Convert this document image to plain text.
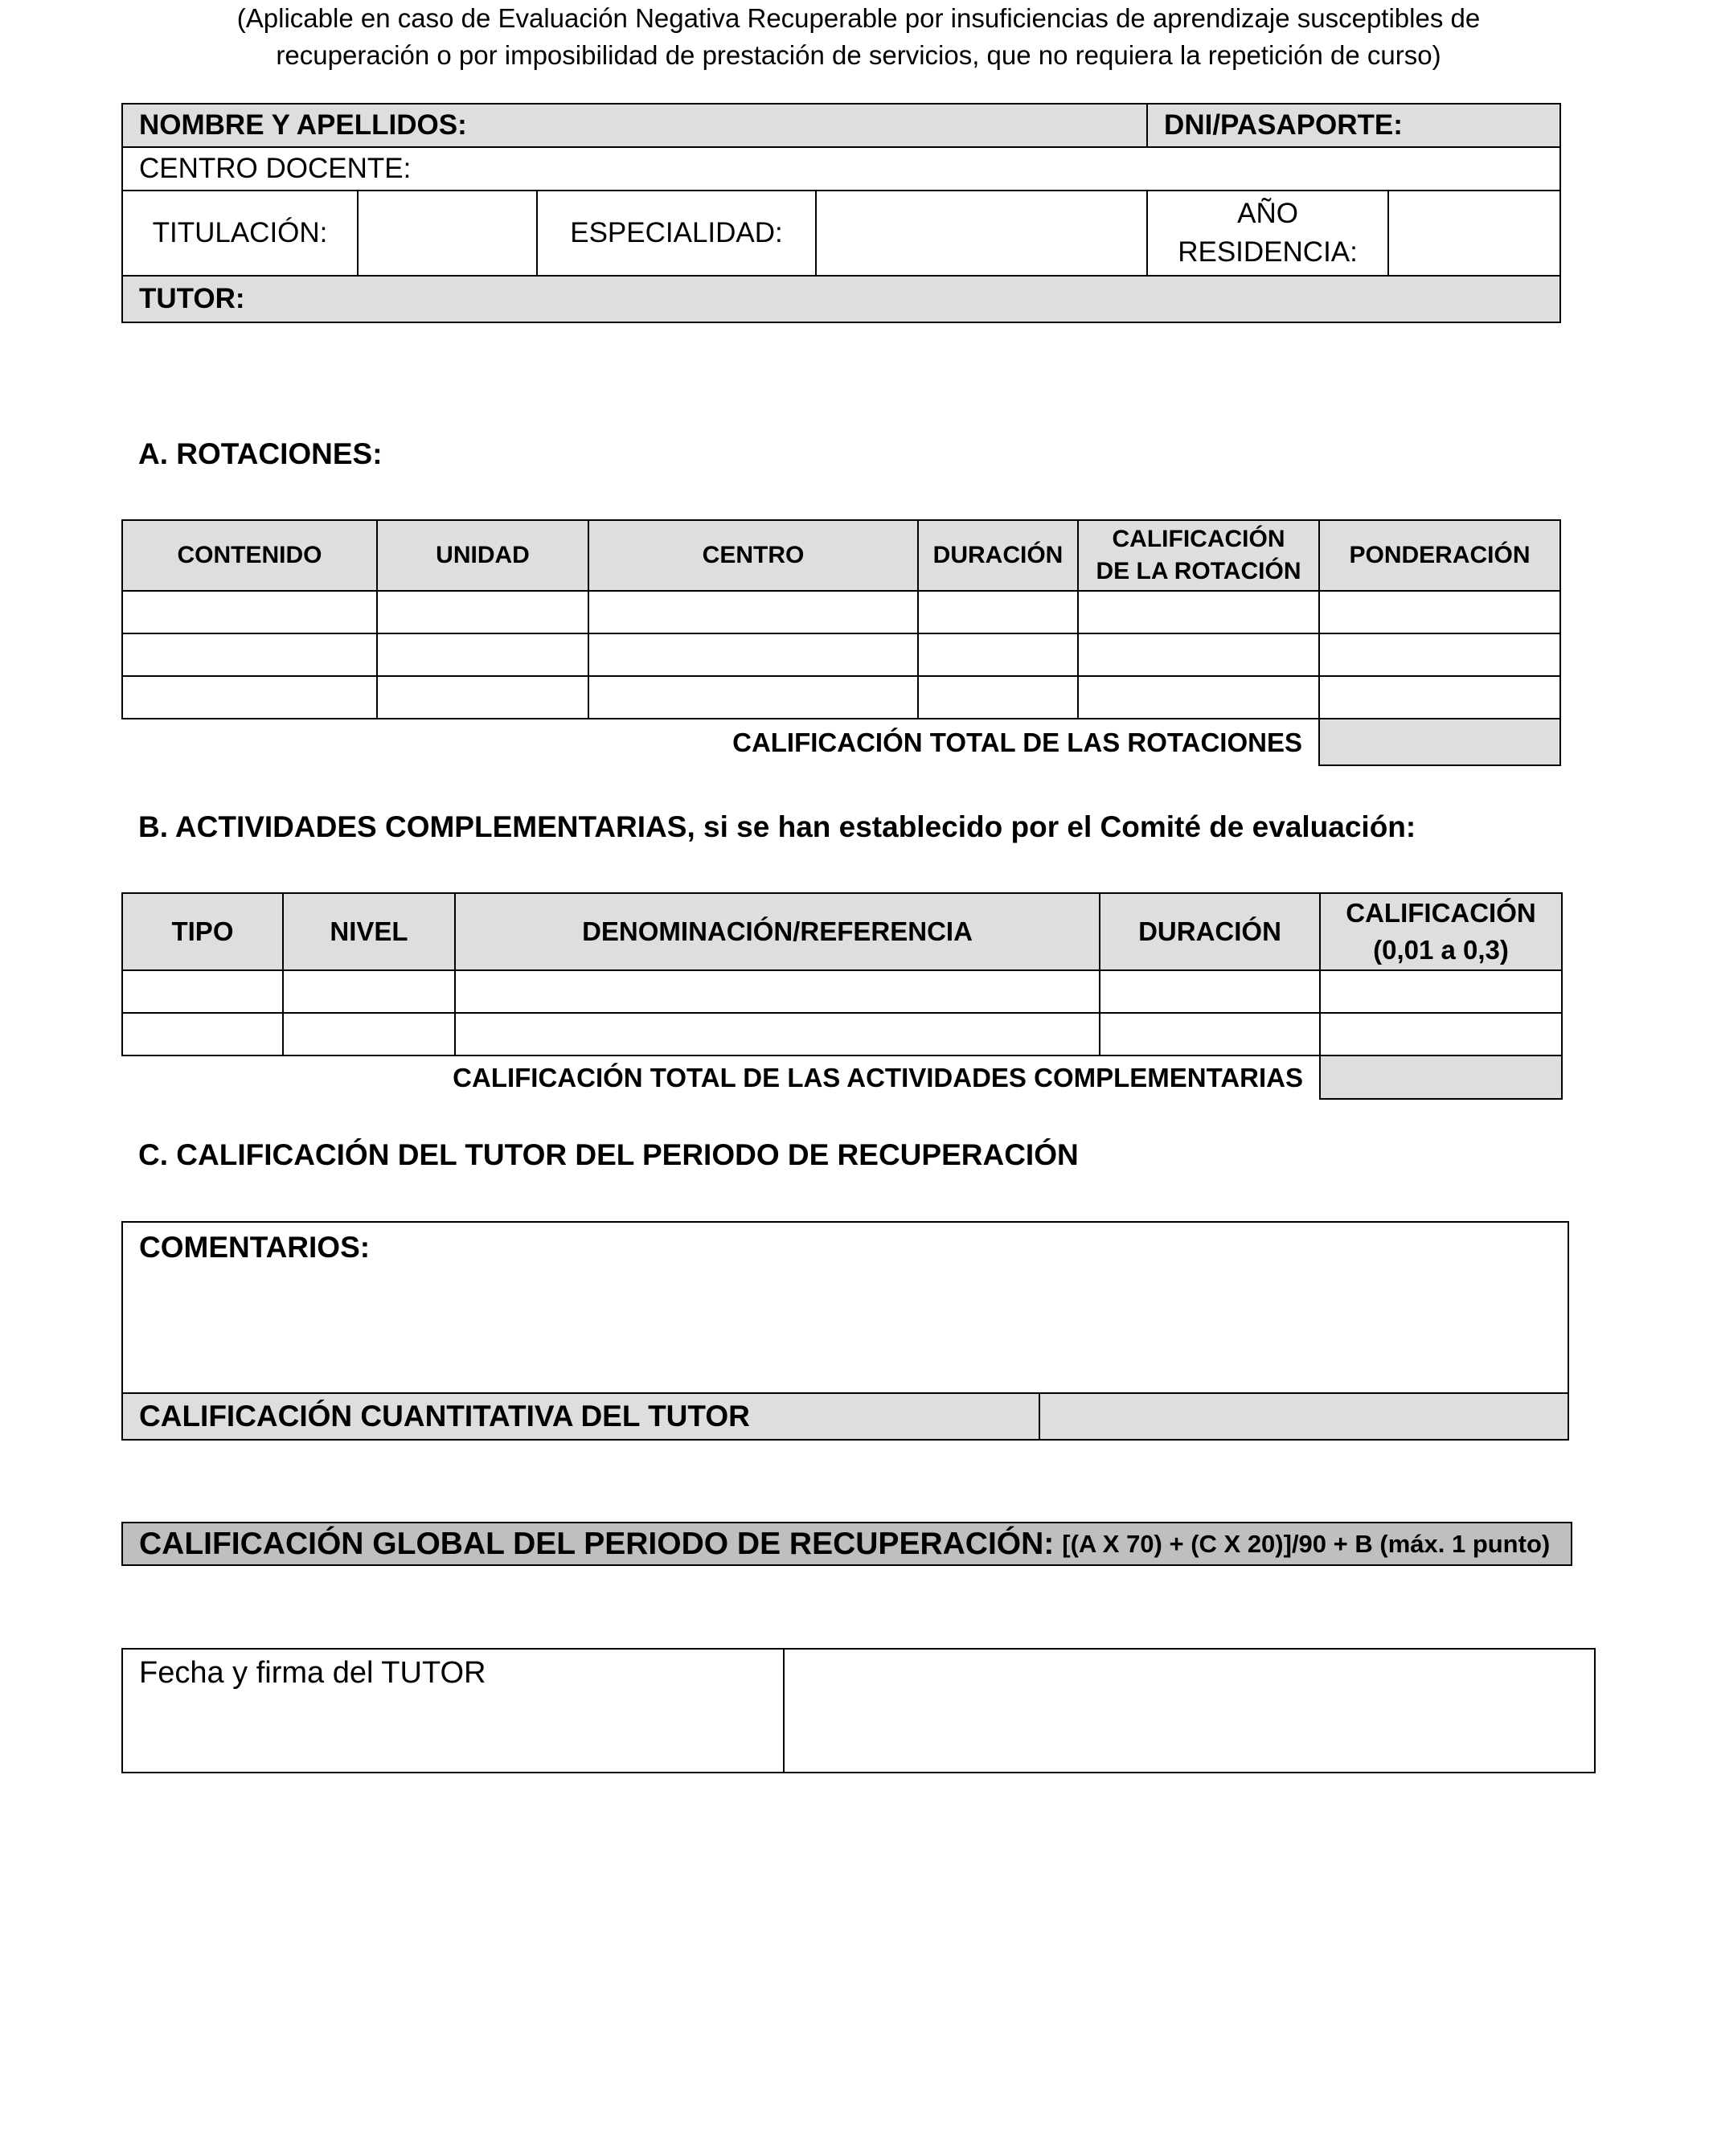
(Aplicable en caso de Evaluación Negativa Recuperable por insuficiencias de aprendizaje susceptibles de
recuperación o por imposibilidad de prestación de servicios, que no requiera la repetición de curso)
NOMBRE Y APELLIDOS:				DNI/PASAPORTE:	
CENTRO DOCENTE:					
TITULACIÓN:		ESPECIALIDAD:		AÑO
RESIDENCIA:	

TUTOR:					
A. ROTACIONES:
CONTENIDO	UNIDAD	CENTRO	DURACIÓN	CALIFICACIÓN DE LA ROTACIÓN	PONDERACIÓN

CALIFICACIÓN TOTAL DE LAS ROTACIONES					
B. ACTIVIDADES COMPLEMENTARIAS, si se han establecido por el Comité de evaluación:
TIPO	NIVEL	DENOMINACIÓN/REFERENCIA	DURACIÓN	CALIFICACIÓN
(0,01 a 0,3)

CALIFICACIÓN TOTAL DE LAS ACTIVIDADES COMPLEMENTARIAS				
C. CALIFICACIÓN DEL TUTOR DEL PERIODO DE RECUPERACIÓN
COMENTARIOS:
CALIFICACIÓN CUANTITATIVA DEL TUTOR	
CALIFICACIÓN GLOBAL DEL PERIODO DE RECUPERACIÓN: [(A X 70) + (C X 20)]/90 + B (máx. 1 punto)
Fecha y firma del TUTOR	
